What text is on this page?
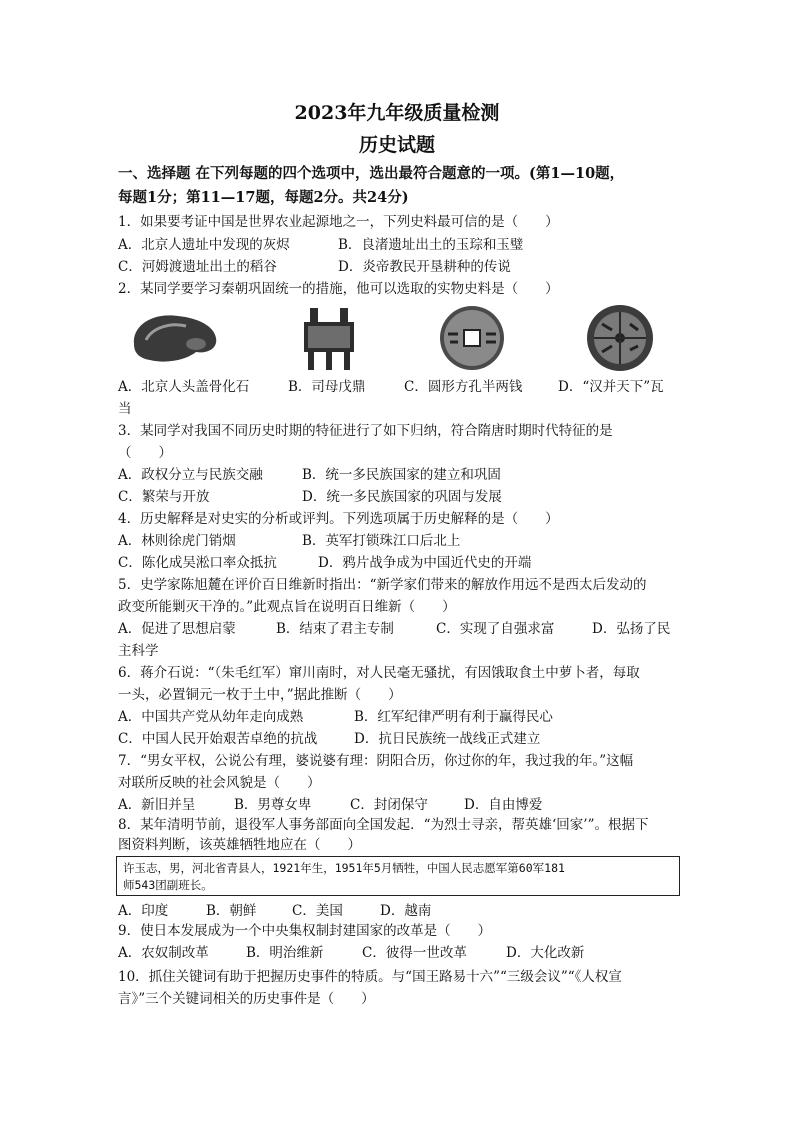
2023年九年级质量检测
历史试题
一、选择题 在下列每题的四个选项中，选出最符合题意的一项。(第1—10题，
每题1分；第11—17题，每题2分。共24分)
1．如果要考证中国是世界农业起源地之一，下列史料最可信的是（　　）
A．北京人遗址中发现的灰烬	B．良渚遗址出土的玉琮和玉璧
C．河姆渡遗址出土的稻谷	D．炎帝教民开垦耕种的传说
2．某同学要学习秦朝巩固统一的措施，他可以选取的实物史料是（　　）
A．北京人头盖骨化石	B．司母戊鼎	C．圆形方孔半两钱	D．“汉并天下”瓦
当
3．某同学对我国不同历史时期的特征进行了如下归纳，符合隋唐时期时代特征的是
（　　）
A．政权分立与民族交融	B．统一多民族国家的建立和巩固
C．繁荣与开放	D．统一多民族国家的巩固与发展
4．历史解释是对史实的分析或评判。下列选项属于历史解释的是（　　）
A．林则徐虎门销烟	B．英军打锁珠江口后北上
C．陈化成吴淞口率众抵抗	D．鸦片战争成为中国近代史的开端
5．史学家陈旭麓在评价百日维新时指出：“新学家们带来的解放作用远不是西太后发动的
政变所能剿灭干净的。”此观点旨在说明百日维新（　　）
A．促进了思想启蒙	B．结束了君主专制	C．实现了自强求富	D．弘扬了民
主科学
6．蒋介石说：“（朱毛红军）窜川南时，对人民毫无骚扰，有因饿取食土中萝卜者，每取
一头，必置铜元一枚于土中，”据此推断（　　）
A．中国共产党从幼年走向成熟	B．红军纪律严明有利于赢得民心
C．中国人民开始艰苦卓绝的抗战	D．抗日民族统一战线正式建立
7．“男女平权，公说公有理，婆说婆有理：阴阳合历，你过你的年，我过我的年。”这幅
对联所反映的社会风貌是（　　）
A．新旧并呈	B．男尊女卑	C．封闭保守	D．自由博爱
8．某年清明节前，退役军人事务部面向全国发起．“为烈士寻亲，帮英雄‘回家’”。根据下
图资料判断，该英雄牺牲地应在（　　）
许玉志，男，河北省青县人，1921年生，1951年5月牺牲，中国人民志愿军第60军181
师543团副班长。
A．印度	B．朝鲜	C．美国	D．越南
9．使日本发展成为一个中央集权制封建国家的改革是（　　）
A．农奴制改革	B．明治维新	C．彼得一世改革	D．大化改新
10．抓住关键词有助于把握历史事件的特质。与“国王路易十六”“三级会议”“《人权宣
言》”三个关键词相关的历史事件是（　　）
